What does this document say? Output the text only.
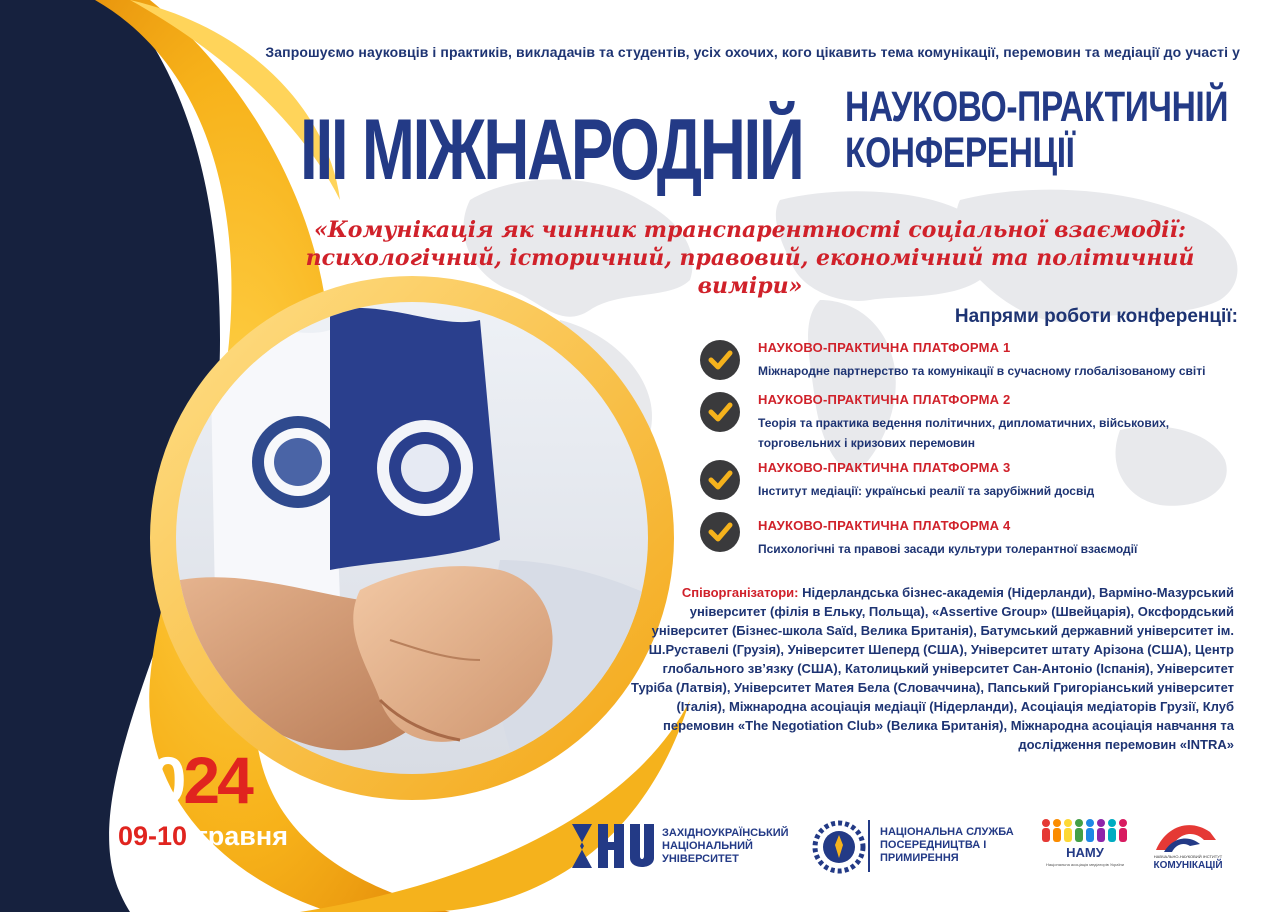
Запрошуємо науковців і практиків, викладачів та студентів, усіх охочих, кого цікавить тема комунікації, перемовин та медіації до участі у
ІІІ МІЖНАРОДНІЙ НАУКОВО-ПРАКТИЧНІЙ
КОНФЕРЕНЦІЇ
«Комунікація як чинник транспарентності соціальної взаємодії:
психологічний, історичний, правовий, економічний та політичний виміри»
Напрями роботи конференції:
НАУКОВО-ПРАКТИЧНА ПЛАТФОРМА 1
Міжнародне партнерство та комунікації в сучасному глобалізованому світі
НАУКОВО-ПРАКТИЧНА ПЛАТФОРМА 2
Теорія та практика ведення політичних, дипломатичних, військових, торговельних і кризових перемовин
НАУКОВО-ПРАКТИЧНА ПЛАТФОРМА 3
Інститут медіації: українські реалії та зарубіжний досвід
НАУКОВО-ПРАКТИЧНА ПЛАТФОРМА 4
Психологічні та правові засади культури толерантної взаємодії
Співорганізатори: Нідерландська бізнес-академія (Нідерланди), Вармінo-Мазурський університет (філія в Ельку, Польща), «Assertive Group» (Швейцарія), Оксфордський університет (Бізнес-школа Saïd, Велика Британія), Батумський державний університет ім. Ш.Руставелі (Грузія), Університет Шеперд (США), Університет штату Арізона (США), Центр глобального зв’язку (США), Католицький університет Сан-Антоніо (Іспанія), Університет Туріба (Латвія), Університет Матея Бела (Словаччина), Папський Григоріанський університет (Італія), Міжнародна асоціація медіації (Нідерланди), Асоціація медіаторів Грузії, Клуб перемовин «The Negotiation Club» (Велика Британія), Міжнародна асоціація навчання та дослідження перемовин «INTRA»
2024
09-10 травня	ЗАХІДНОУКРАЇНСЬКИЙ НАЦІОНАЛЬНИЙ УНІВЕРСИТЕТ
НАЦІОНАЛЬНА СЛУЖБА ПОСЕРЕДНИЦТВА І ПРИМИРЕННЯ	НАМУ
Національна асоціація медіаторів України
НАВЧАЛЬНО-НАУКОВИЙ ІНСТИТУТ
КОМУНІКАЦІЙ
